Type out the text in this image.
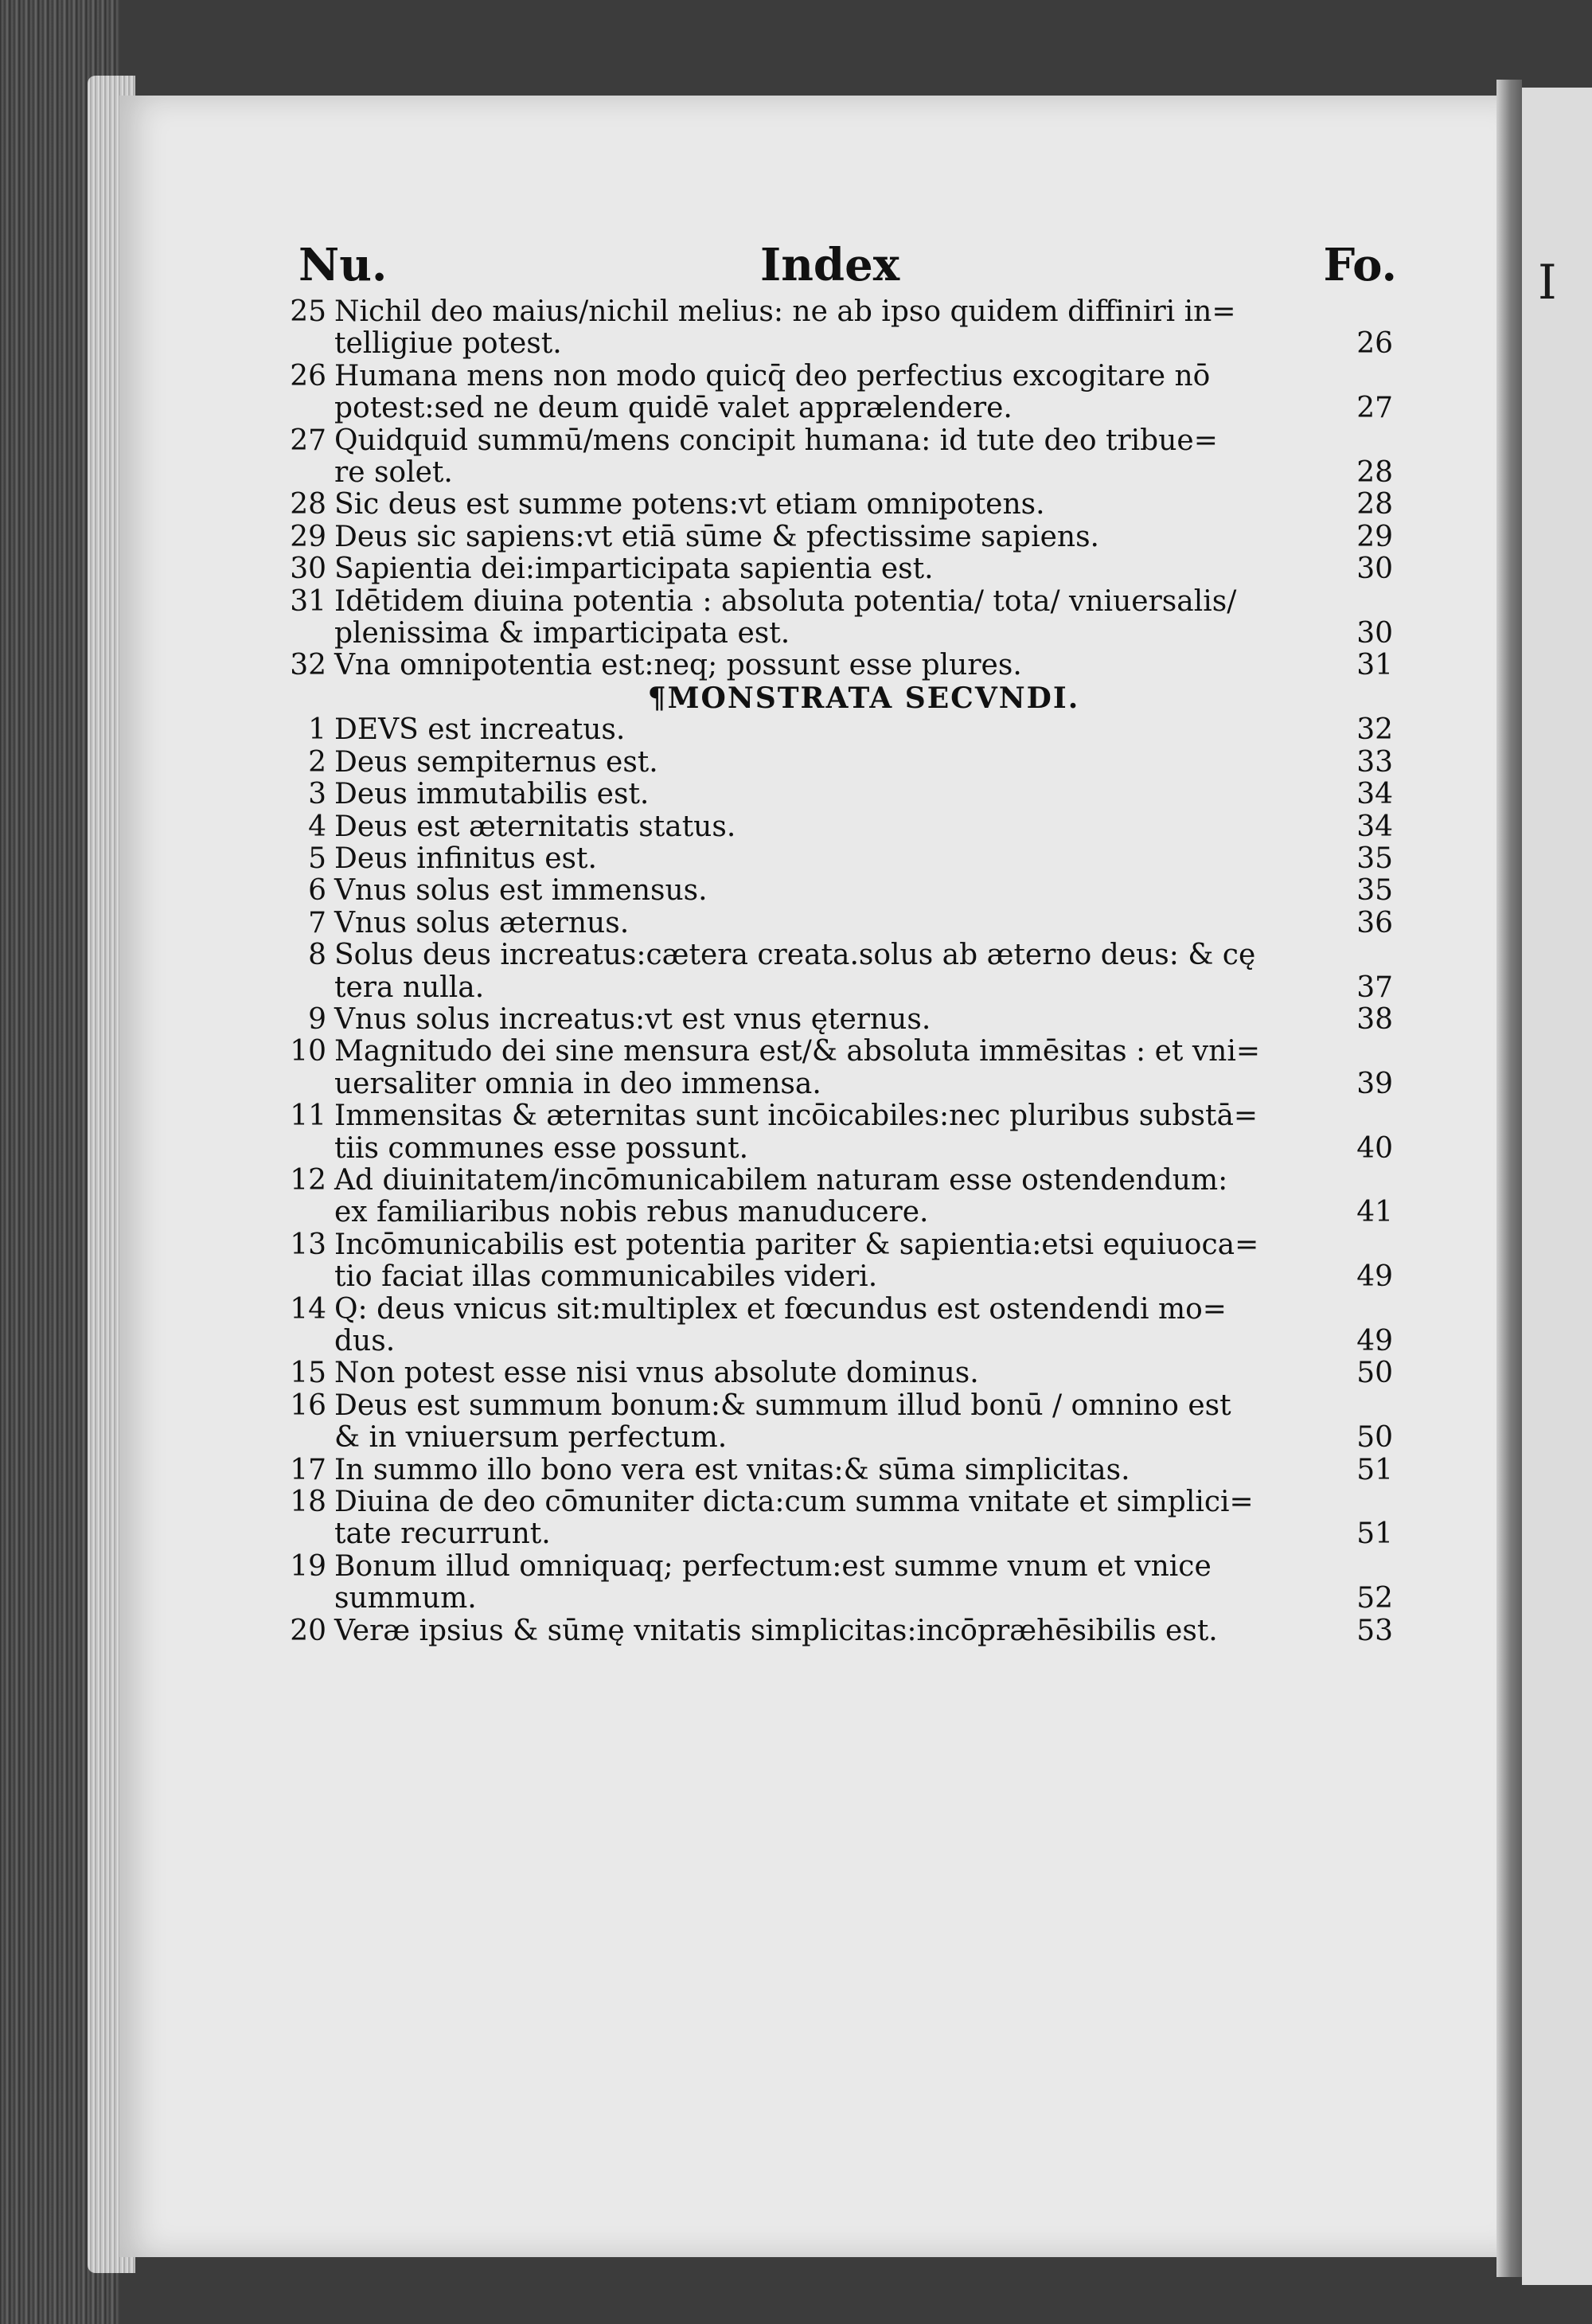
I
Nu.	Index	Fo.
25 Nichil deo maius/nichil melius: ne ab ipso quidem diffiniri in=
telligiue potest.	26
26 Humana mens non modo quicq̄ deo perfectius excogitare nō
potest:sed ne deum quidē valet apprælendere.	27
27 Quidquid summū/mens concipit humana: id tute deo tribue=
re solet.	28
28 Sic deus est summe potens:vt etiam omnipotens.	28
29 Deus sic sapiens:vt etiā sūme & pfectissime sapiens.	29
30 Sapientia dei:imparticipata sapientia est.	30
31 Idētidem diuina potentia : absoluta potentia/ tota/ vniuersalis/
plenissima & imparticipata est.	30
32 Vna omnipotentia est:neq; possunt esse plures.	31
¶MONSTRATA SECVNDI.
1 DEVS est increatus.	32
2 Deus sempiternus est.	33
3 Deus immutabilis est.	34
4 Deus est æternitatis status.	34
5 Deus infinitus est.	35
6 Vnus solus est immensus.	35
7 Vnus solus æternus.	36
8 Solus deus increatus:cætera creata.solus ab æterno deus: & cę
tera nulla.	37
9 Vnus solus increatus:vt est vnus ęternus.	38
10 Magnitudo dei sine mensura est/& absoluta immēsitas : et vni=
uersaliter omnia in deo immensa.	39
11 Immensitas & æternitas sunt incōicabiles:nec pluribus substā=
tiis communes esse possunt.	40
12 Ad diuinitatem/incōmunicabilem naturam esse ostendendum:
ex familiaribus nobis rebus manuducere.	41
13 Incōmunicabilis est potentia pariter & sapientia:etsi equiuoca=
tio faciat illas communicabiles videri.	49
14 Q: deus vnicus sit:multiplex et fœcundus est ostendendi mo=
dus.	49
15 Non potest esse nisi vnus absolute dominus.	50
16 Deus est summum bonum:& summum illud bonū / omnino est
& in vniuersum perfectum.	50
17 In summo illo bono vera est vnitas:& sūma simplicitas.	51
18 Diuina de deo cōmuniter dicta:cum summa vnitate et simplici=
tate recurrunt.	51
19 Bonum illud omniquaq; perfectum:est summe vnum et vnice
summum.	52
20 Veræ ipsius & sūmę vnitatis simplicitas:incōpræhēsibilis est.	53
